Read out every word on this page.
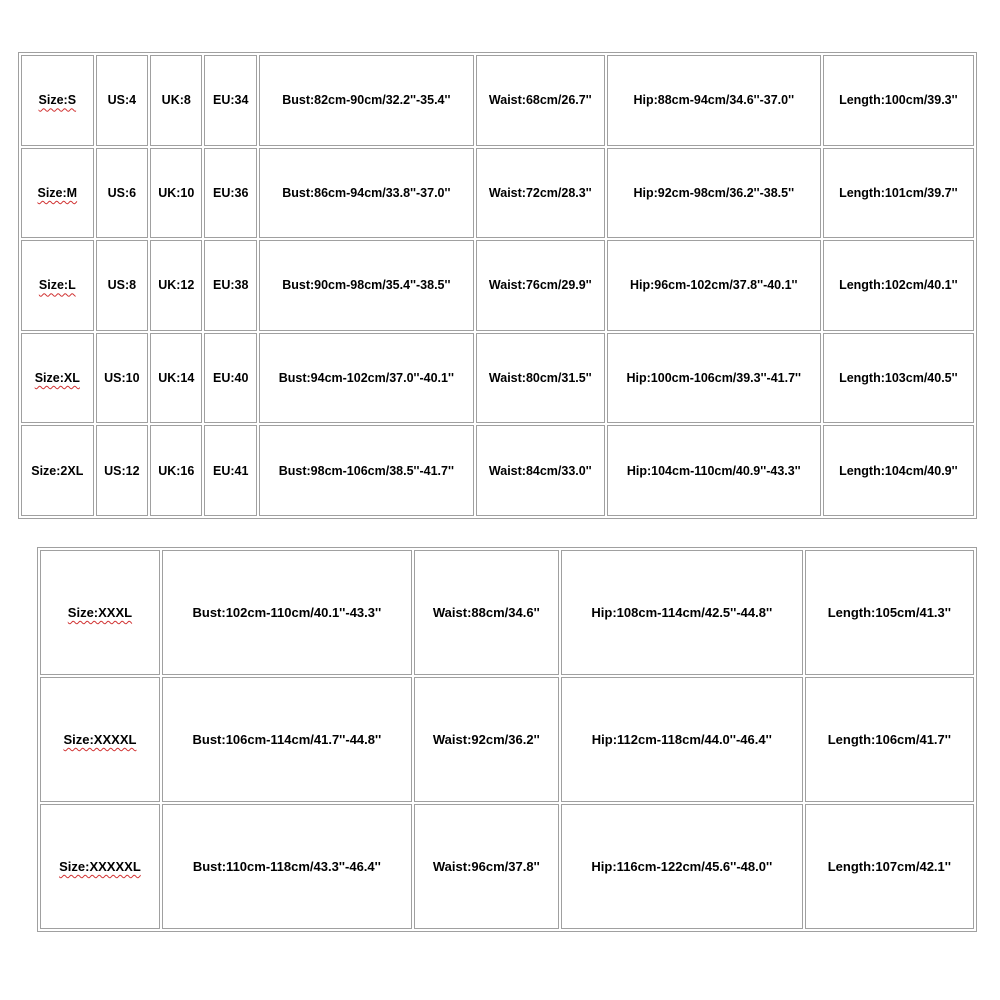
Size:S	US:4	UK:8	EU:34	Bust:82cm-90cm/32.2''-35.4''	Waist:68cm/26.7''	Hip:88cm-94cm/34.6''-37.0''	Length:100cm/39.3''
Size:M	US:6	UK:10	EU:36	Bust:86cm-94cm/33.8''-37.0''	Waist:72cm/28.3''	Hip:92cm-98cm/36.2''-38.5''	Length:101cm/39.7''
Size:L	US:8	UK:12	EU:38	Bust:90cm-98cm/35.4''-38.5''	Waist:76cm/29.9''	Hip:96cm-102cm/37.8''-40.1''	Length:102cm/40.1''
Size:XL	US:10	UK:14	EU:40	Bust:94cm-102cm/37.0''-40.1''	Waist:80cm/31.5''	Hip:100cm-106cm/39.3''-41.7''	Length:103cm/40.5''
Size:2XL	US:12	UK:16	EU:41	Bust:98cm-106cm/38.5''-41.7''	Waist:84cm/33.0''	Hip:104cm-110cm/40.9''-43.3''	Length:104cm/40.9''
Size:XXXL	Bust:102cm-110cm/40.1''-43.3''	Waist:88cm/34.6''	Hip:108cm-114cm/42.5''-44.8''	Length:105cm/41.3''
Size:XXXXL	Bust:106cm-114cm/41.7''-44.8''	Waist:92cm/36.2''	Hip:112cm-118cm/44.0''-46.4''	Length:106cm/41.7''
Size:XXXXXL	Bust:110cm-118cm/43.3''-46.4''	Waist:96cm/37.8''	Hip:116cm-122cm/45.6''-48.0''	Length:107cm/42.1''
